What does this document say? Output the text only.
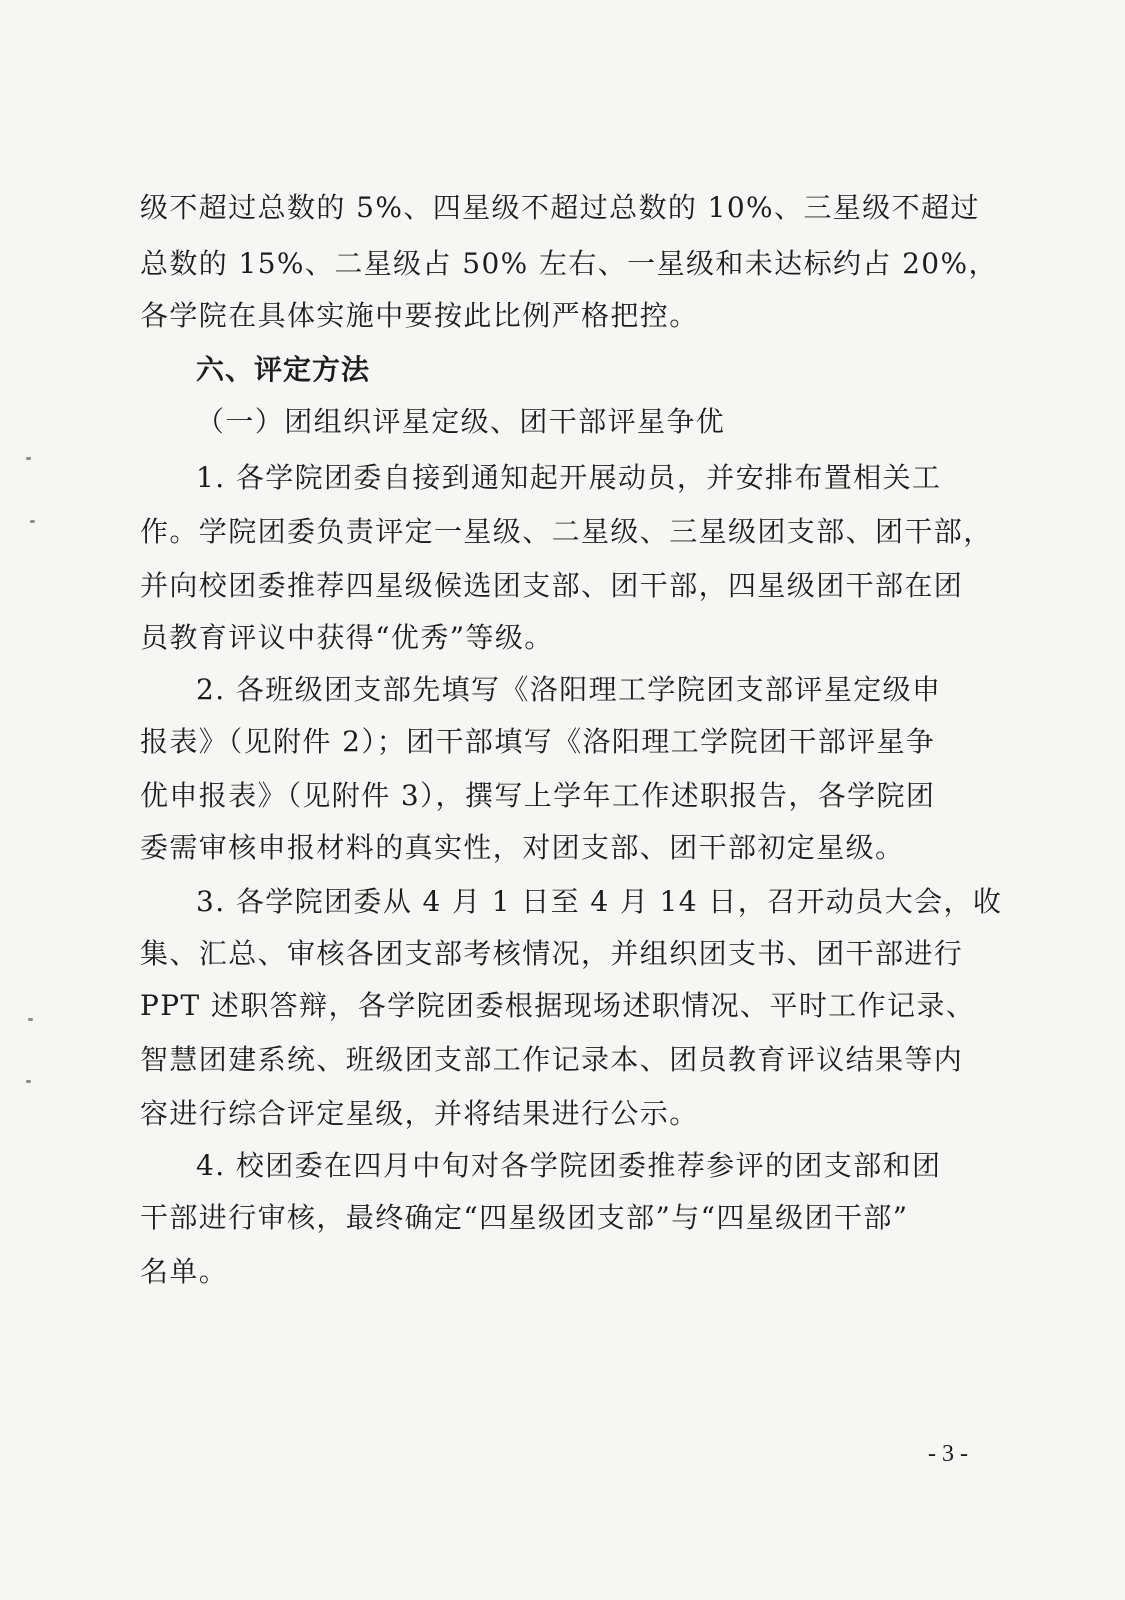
级不超过总数的 5%、四星级不超过总数的 10%、三星级不超过
总数的 15%、二星级占 50% 左右、一星级和未达标约占 20%，
各学院在具体实施中要按此比例严格把控。
六、评定方法
（一）团组织评星定级、团干部评星争优
1. 各学院团委自接到通知起开展动员，并安排布置相关工
作。学院团委负责评定一星级、二星级、三星级团支部、团干部，
并向校团委推荐四星级候选团支部、团干部，四星级团干部在团
员教育评议中获得“优秀”等级。
2. 各班级团支部先填写《洛阳理工学院团支部评星定级申
报表》（见附件 2）；团干部填写《洛阳理工学院团干部评星争
优申报表》（见附件 3），撰写上学年工作述职报告，各学院团
委需审核申报材料的真实性，对团支部、团干部初定星级。
3. 各学院团委从 4 月 1 日至 4 月 14 日，召开动员大会，收
集、汇总、审核各团支部考核情况，并组织团支书、团干部进行
PPT 述职答辩，各学院团委根据现场述职情况、平时工作记录、
智慧团建系统、班级团支部工作记录本、团员教育评议结果等内
容进行综合评定星级，并将结果进行公示。
4. 校团委在四月中旬对各学院团委推荐参评的团支部和团
干部进行审核，最终确定“四星级团支部”与“四星级团干部”
名单。
- 3 -
